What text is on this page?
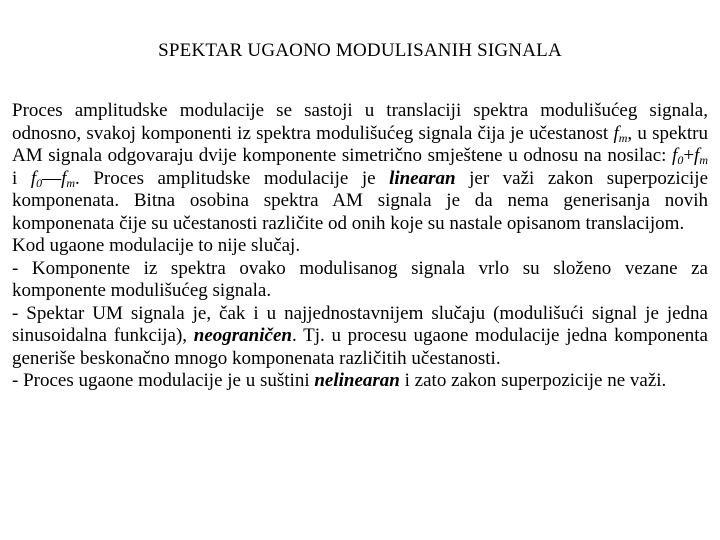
SPEKTAR UGAONO MODULISANIH SIGNALA

Proces amplitudske modulacije se sastoji u translaciji spektra modulišućeg signala, odnosno, svakoj komponenti iz spektra modulišućeg signala čija je učestanost $f_m$, u spektru AM signala odgovaraju dvije komponente simetrično smještene u odnosu na nosilac: $f_0+f_m$ i $f_0—f_m$. Proces amplitudske modulacije je linearan jer važi zakon superpozicije komponenata. Bitna osobina spektra AM signala je da nema generisanja novih komponenata čije su učestanosti različite od onih koje su nastale opisanom translacijom.

Kod ugaone modulacije to nije slučaj.

- Komponente iz spektra ovako modulisanog signala vrlo su složeno vezane za komponente modulišućeg signala.

- Spektar UM signala je, čak i u najjednostavnijem slučaju (modulišući signal je jedna sinusoidalna funkcija), neograničen. Tj. u procesu ugaone modulacije jedna komponenta generiše beskonačno mnogo komponenata različitih učestanosti.

- Proces ugaone modulacije je u suštini nelinearan i zato zakon superpozicije ne važi.
